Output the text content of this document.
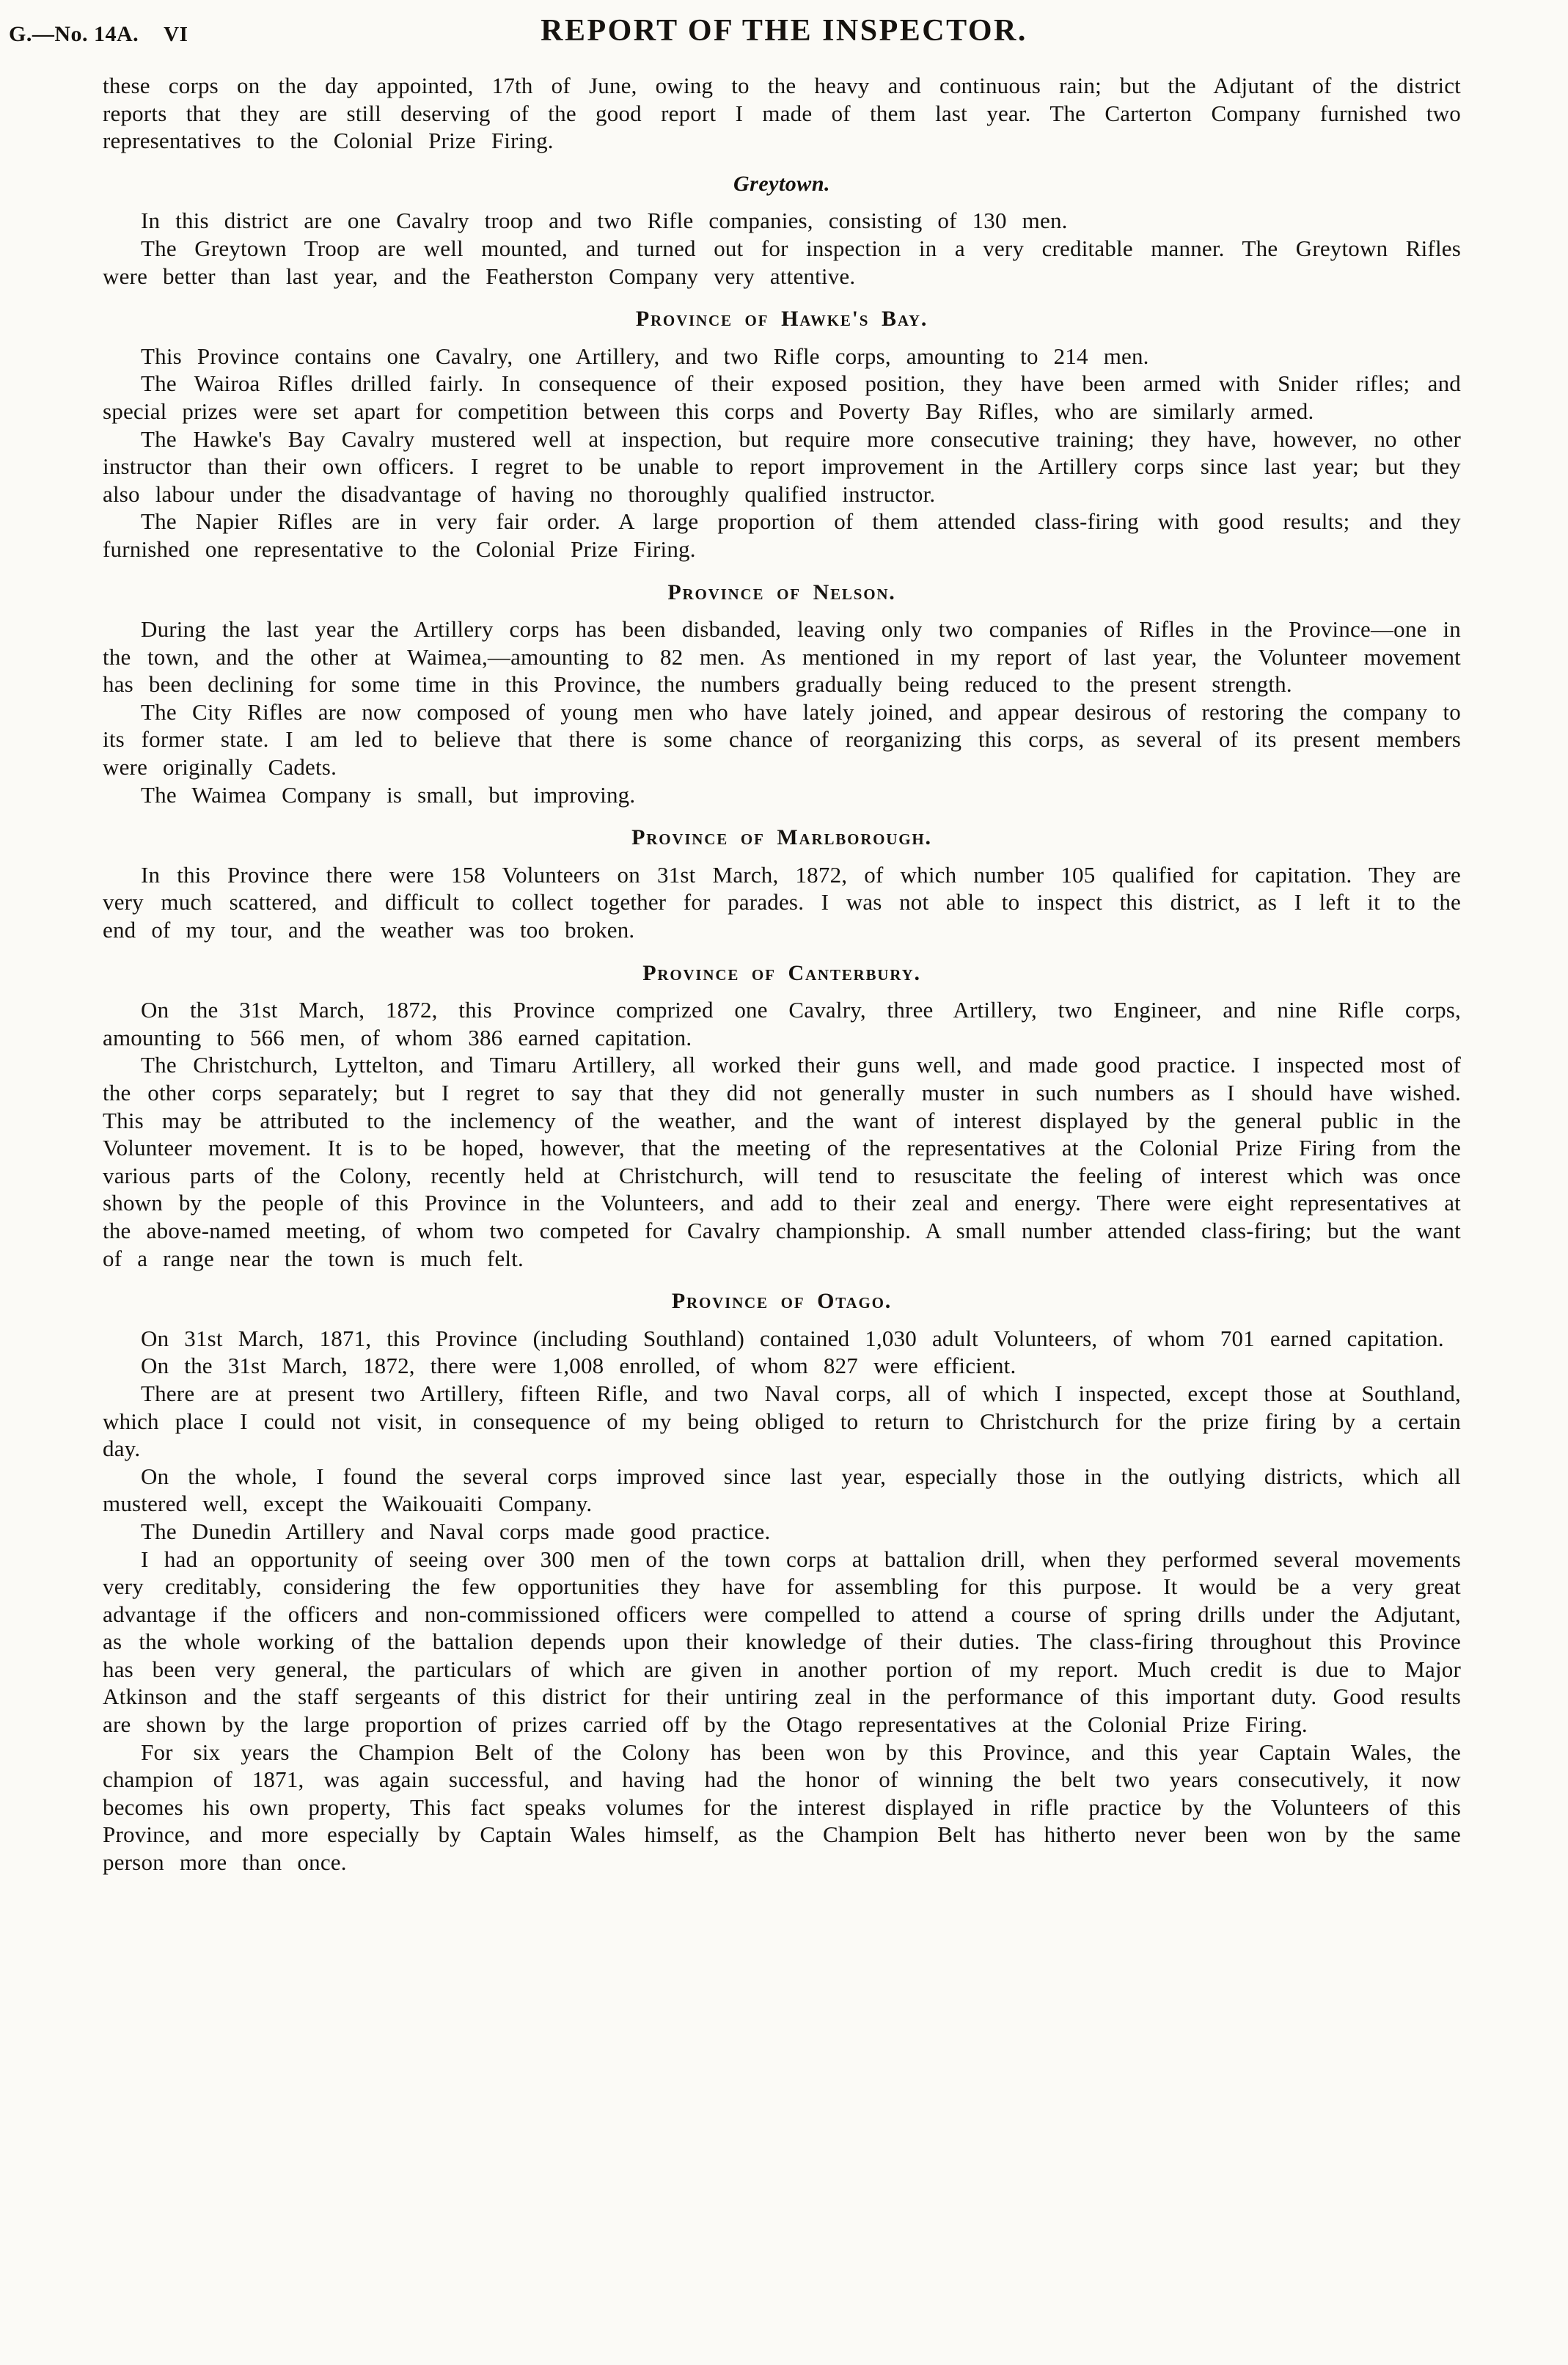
G.—No. 14A. VI	REPORT OF THE INSPECTOR.

these corps on the day appointed, 17th of June, owing to the heavy and continuous rain; but the Adjutant of the district reports that they are still deserving of the good report I made of them last year. The Carterton Company furnished two representatives to the Colonial Prize Firing.

Greytown.

In this district are one Cavalry troop and two Rifle companies, consisting of 130 men.

The Greytown Troop are well mounted, and turned out for inspection in a very creditable manner. The Greytown Rifles were better than last year, and the Featherston Company very attentive.

Province of Hawke's Bay.

This Province contains one Cavalry, one Artillery, and two Rifle corps, amounting to 214 men.

The Wairoa Rifles drilled fairly. In consequence of their exposed position, they have been armed with Snider rifles; and special prizes were set apart for competition between this corps and Poverty Bay Rifles, who are similarly armed.

The Hawke's Bay Cavalry mustered well at inspection, but require more consecutive training; they have, however, no other instructor than their own officers. I regret to be unable to report improvement in the Artillery corps since last year; but they also labour under the disadvantage of having no thoroughly qualified instructor.

The Napier Rifles are in very fair order. A large proportion of them attended class-firing with good results; and they furnished one representative to the Colonial Prize Firing.

Province of Nelson.

During the last year the Artillery corps has been disbanded, leaving only two companies of Rifles in the Province—one in the town, and the other at Waimea,—amounting to 82 men. As mentioned in my report of last year, the Volunteer movement has been declining for some time in this Province, the numbers gradually being reduced to the present strength.

The City Rifles are now composed of young men who have lately joined, and appear desirous of restoring the company to its former state. I am led to believe that there is some chance of reorganizing this corps, as several of its present members were originally Cadets.

The Waimea Company is small, but improving.

Province of Marlborough.

In this Province there were 158 Volunteers on 31st March, 1872, of which number 105 qualified for capitation. They are very much scattered, and difficult to collect together for parades. I was not able to inspect this district, as I left it to the end of my tour, and the weather was too broken.

Province of Canterbury.

On the 31st March, 1872, this Province comprized one Cavalry, three Artillery, two Engineer, and nine Rifle corps, amounting to 566 men, of whom 386 earned capitation.

The Christchurch, Lyttelton, and Timaru Artillery, all worked their guns well, and made good practice. I inspected most of the other corps separately; but I regret to say that they did not generally muster in such numbers as I should have wished. This may be attributed to the inclemency of the weather, and the want of interest displayed by the general public in the Volunteer movement. It is to be hoped, however, that the meeting of the representatives at the Colonial Prize Firing from the various parts of the Colony, recently held at Christchurch, will tend to resuscitate the feeling of interest which was once shown by the people of this Province in the Volunteers, and add to their zeal and energy. There were eight representatives at the above-named meeting, of whom two competed for Cavalry championship. A small number attended class-firing; but the want of a range near the town is much felt.

Province of Otago.

On 31st March, 1871, this Province (including Southland) contained 1,030 adult Volunteers, of whom 701 earned capitation.

On the 31st March, 1872, there were 1,008 enrolled, of whom 827 were efficient.

There are at present two Artillery, fifteen Rifle, and two Naval corps, all of which I inspected, except those at Southland, which place I could not visit, in consequence of my being obliged to return to Christchurch for the prize firing by a certain day.

On the whole, I found the several corps improved since last year, especially those in the outlying districts, which all mustered well, except the Waikouaiti Company.

The Dunedin Artillery and Naval corps made good practice.

I had an opportunity of seeing over 300 men of the town corps at battalion drill, when they performed several movements very creditably, considering the few opportunities they have for assembling for this purpose. It would be a very great advantage if the officers and non-commissioned officers were compelled to attend a course of spring drills under the Adjutant, as the whole working of the battalion depends upon their knowledge of their duties. The class-firing throughout this Province has been very general, the particulars of which are given in another portion of my report. Much credit is due to Major Atkinson and the staff sergeants of this district for their untiring zeal in the performance of this important duty. Good results are shown by the large proportion of prizes carried off by the Otago representatives at the Colonial Prize Firing.

For six years the Champion Belt of the Colony has been won by this Province, and this year Captain Wales, the champion of 1871, was again successful, and having had the honor of winning the belt two years consecutively, it now becomes his own property, This fact speaks volumes for the interest displayed in rifle practice by the Volunteers of this Province, and more especially by Captain Wales himself, as the Champion Belt has hitherto never been won by the same person more than once.
